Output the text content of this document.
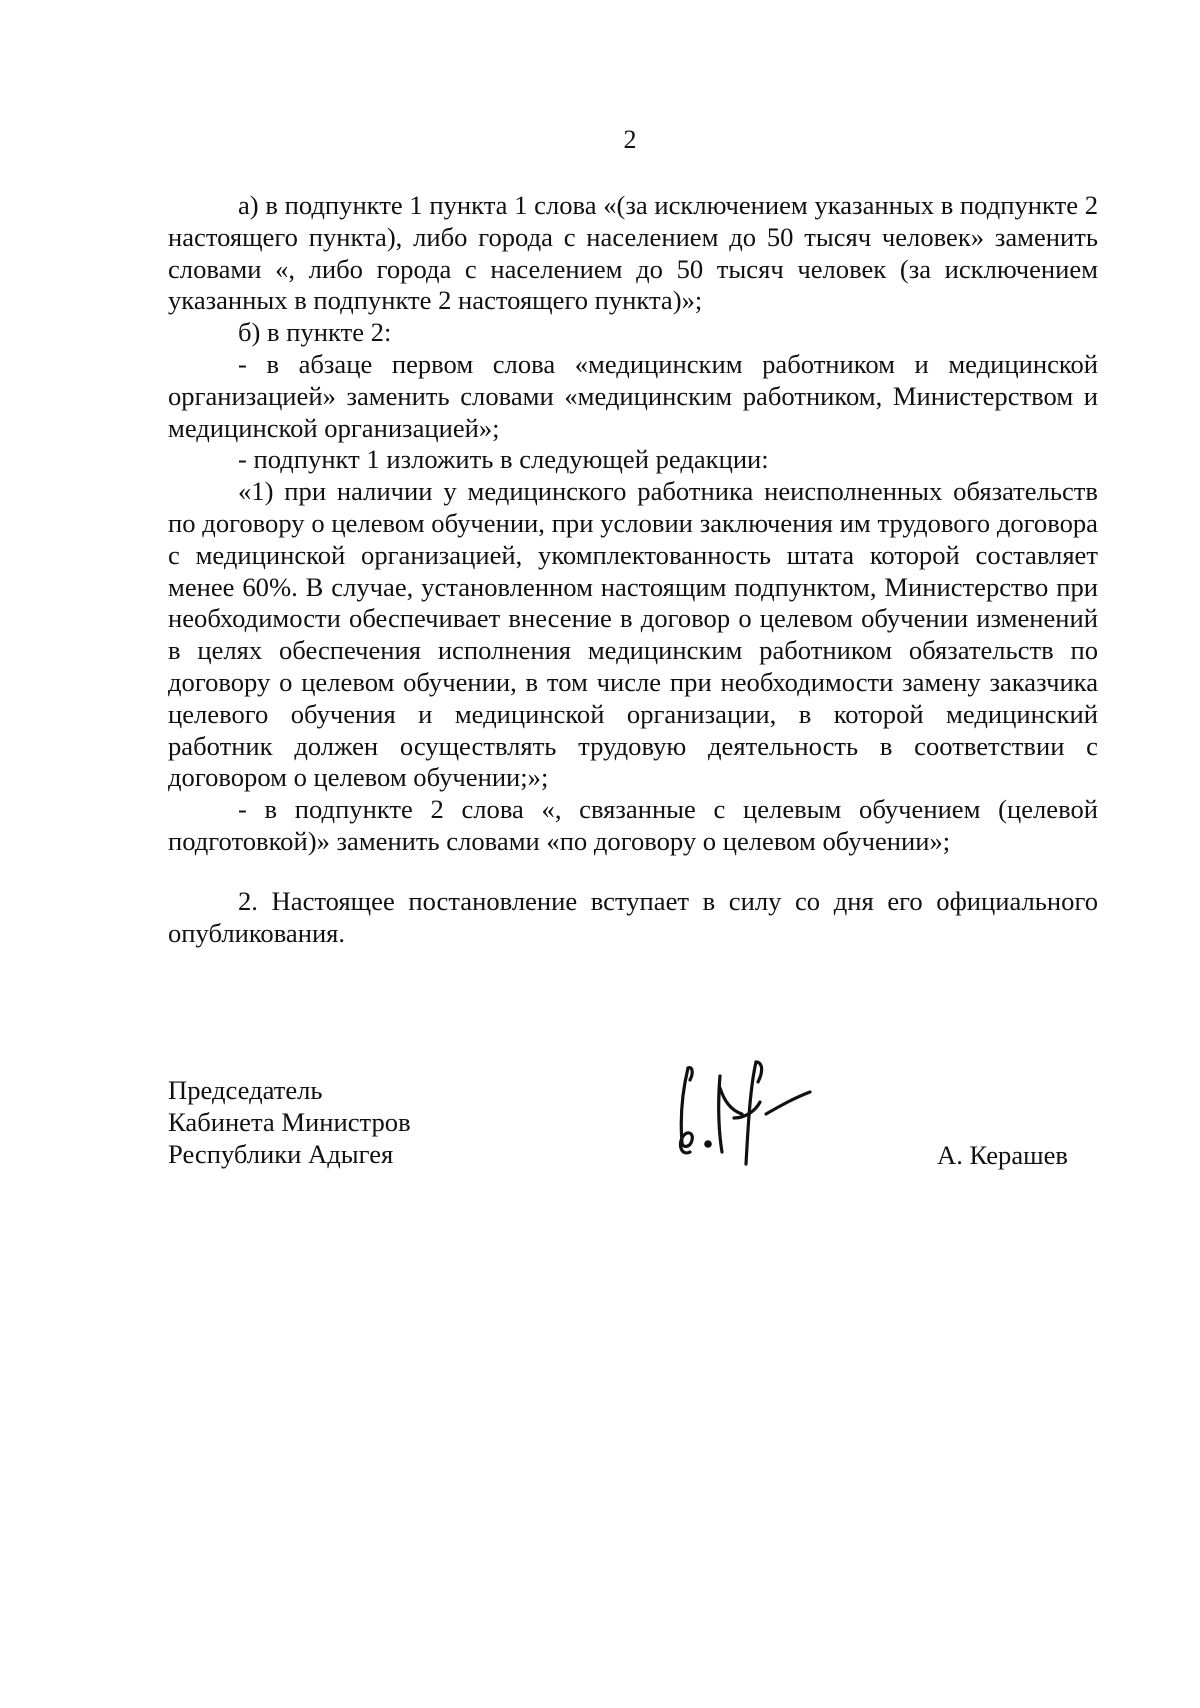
2

а) в подпункте 1 пункта 1 слова «(за исключением указанных в подпункте 2 настоящего пункта), либо города с населением до 50 тысяч человек» заменить словами «, либо города с населением до 50 тысяч человек (за исключением указанных в подпункте 2 настоящего пункта)»;

б) в пункте 2:

- в абзаце первом слова «медицинским работником и медицинской организацией» заменить словами «медицинским работником, Министерством и медицинской организацией»;

- подпункт 1 изложить в следующей редакции:

«1) при наличии у медицинского работника неисполненных обязательств по договору о целевом обучении, при условии заключения им трудового договора с медицинской организацией, укомплектованность штата которой составляет менее 60%. В случае, установленном настоящим подпунктом, Министерство при необходимости обеспечивает внесение в договор о целевом обучении изменений в целях обеспечения исполнения медицинским работником обязательств по договору о целевом обучении, в том числе при необходимости замену заказчика целевого обучения и медицинской организации, в которой медицинский работник должен осуществлять трудовую деятельность в соответствии с договором о целевом обучении;»;

- в подпункте 2 слова «, связанные с целевым обучением (целевой подготовкой)» заменить словами «по договору о целевом обучении»;

2. Настоящее постановление вступает в силу со дня его официального опубликования.

Председатель
Кабинета Министров
Республики Адыгея	А. Керашев
